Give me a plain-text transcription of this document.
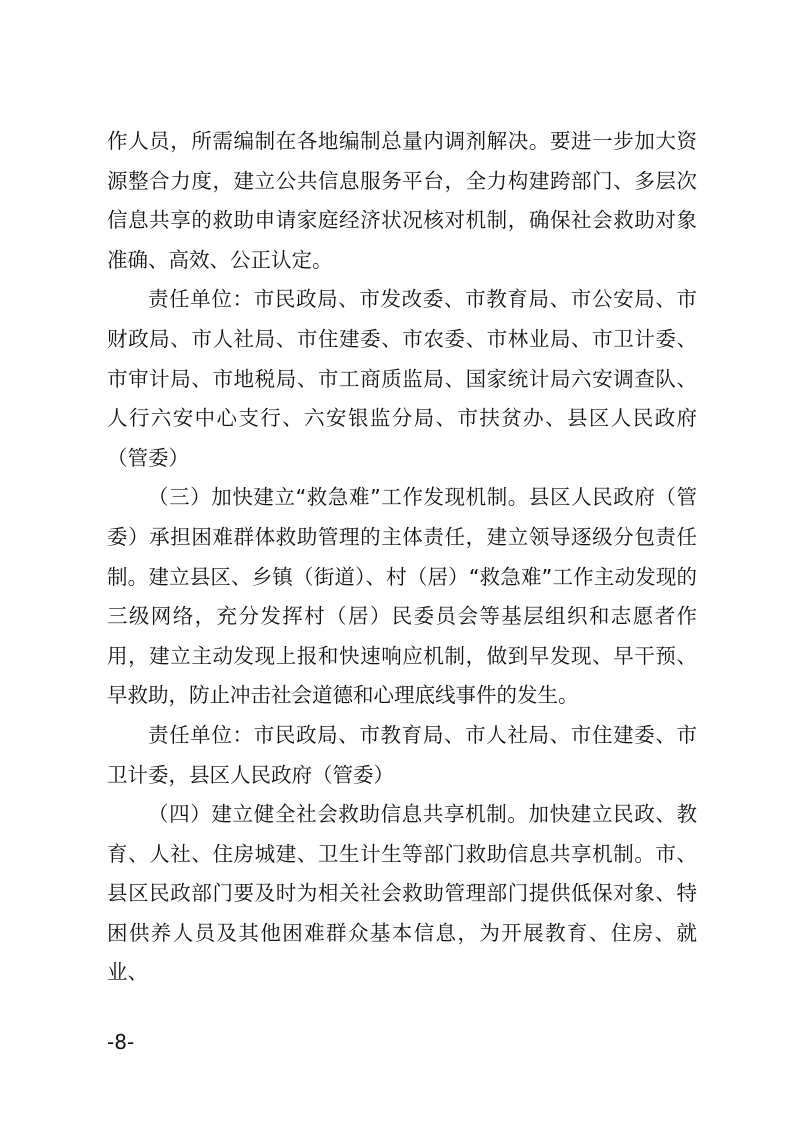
作人员，所需编制在各地编制总量内调剂解决。要进一步加大资源整合力度，建立公共信息服务平台，全力构建跨部门、多层次信息共享的救助申请家庭经济状况核对机制，确保社会救助对象准确、高效、公正认定。

责任单位：市民政局、市发改委、市教育局、市公安局、市财政局、市人社局、市住建委、市农委、市林业局、市卫计委、市审计局、市地税局、市工商质监局、国家统计局六安调查队、人行六安中心支行、六安银监分局、市扶贫办、县区人民政府（管委）

（三）加快建立“救急难”工作发现机制。县区人民政府（管委）承担困难群体救助管理的主体责任，建立领导逐级分包责任制。建立县区、乡镇（街道）、村（居）“救急难”工作主动发现的三级网络，充分发挥村（居）民委员会等基层组织和志愿者作用，建立主动发现上报和快速响应机制，做到早发现、早干预、早救助，防止冲击社会道德和心理底线事件的发生。

责任单位：市民政局、市教育局、市人社局、市住建委、市卫计委，县区人民政府（管委）

（四）建立健全社会救助信息共享机制。加快建立民政、教育、人社、住房城建、卫生计生等部门救助信息共享机制。市、县区民政部门要及时为相关社会救助管理部门提供低保对象、特困供养人员及其他困难群众基本信息，为开展教育、住房、就业、

-8-
